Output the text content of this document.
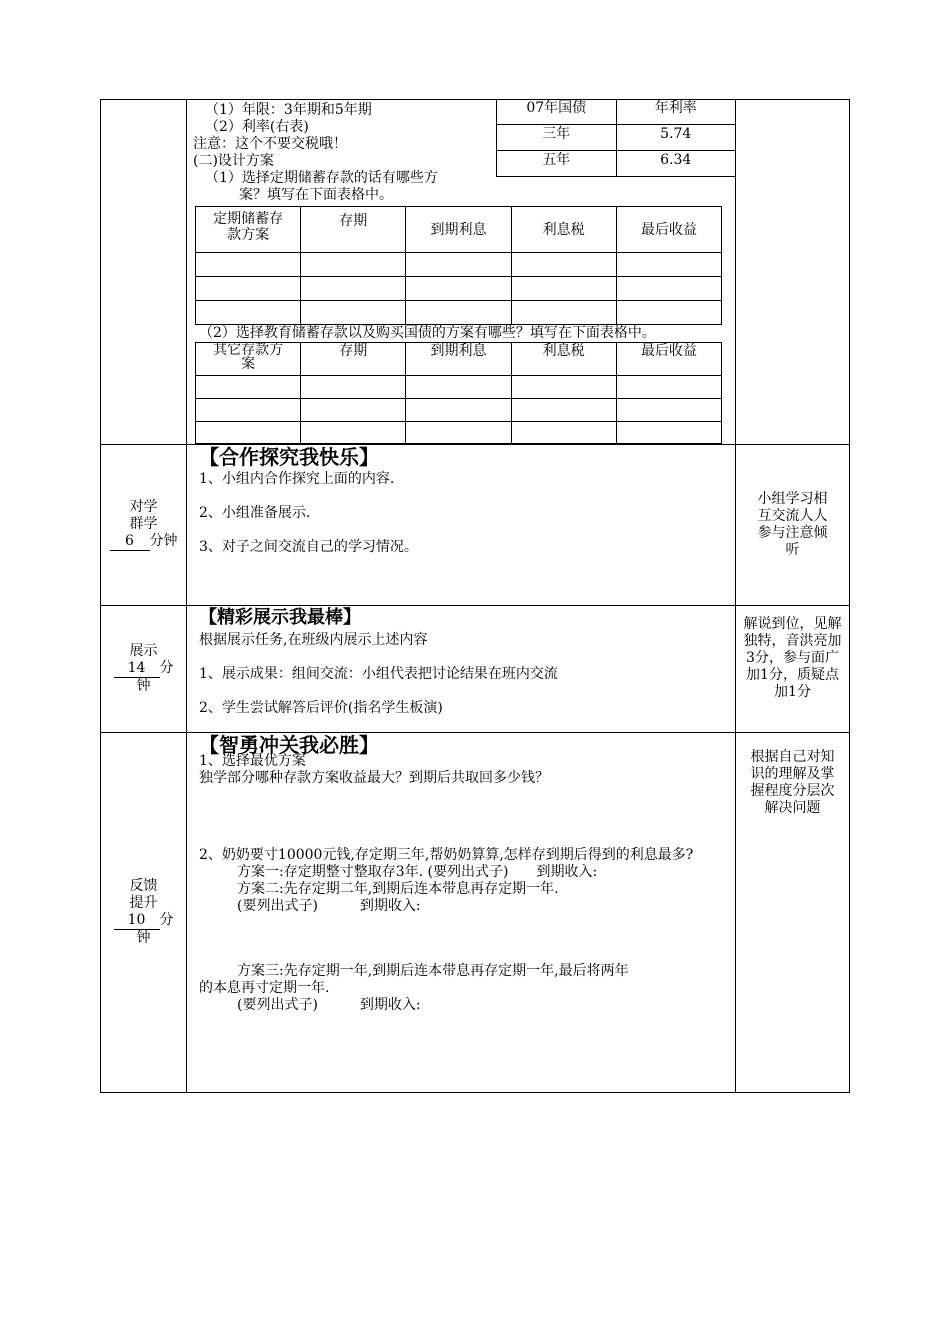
（1）年限：3年期和5年期

（2）利率(右表)

注意：这个不要交税哦！

(二)设计方案

（1）选择定期储蓄存款的话有哪些方

案？填写在下面表格中。

定期储蓄存款方案	存期	到期利息	利息税	最后收益

（2）选择教育储蓄存款以及购买国债的方案有哪些？填写在下面表格中。

其它存款方案	存期	到期利息	利息税	最后收益

对学
群学
6 分钟

【合作探究我快乐】

1、小组内合作探究上面的内容.

2、小组准备展示.

3、对子之间交流自己的学习情况。

	小组学习相互交流人人参与注意倾听

展示
14 分
钟

【精彩展示我最棒】

根据展示任务,在班级内展示上述内容

1、展示成果：组间交流：小组代表把讨论结果在班内交流

2、学生尝试解答后评价(指名学生板演)

	解说到位，见解独特，音洪亮加3分，参与面广加1分，质疑点加1分

反馈
提升
10 分
钟

【智勇冲关我必胜】

1、选择最优方案

独学部分哪种存款方案收益最大？到期后共取回多少钱？

2、奶奶要寸10000元钱,存定期三年,帮奶奶算算,怎样存到期后得到的利息最多?

方案一:存定期整寸整取存3年. (要列出式子)　　到期收入:

方案二:先存定期二年,到期后连本带息再存定期一年.

(要列出式子)　　　到期收入:

方案三:先存定期一年,到期后连本带息再存定期一年,最后将两年

的本息再寸定期一年.

(要列出式子)　　　到期收入:

	根据自己对知识的理解及掌握程度分层次解决问题
07年国债	年利率
三年	5.74
五年	6.34
